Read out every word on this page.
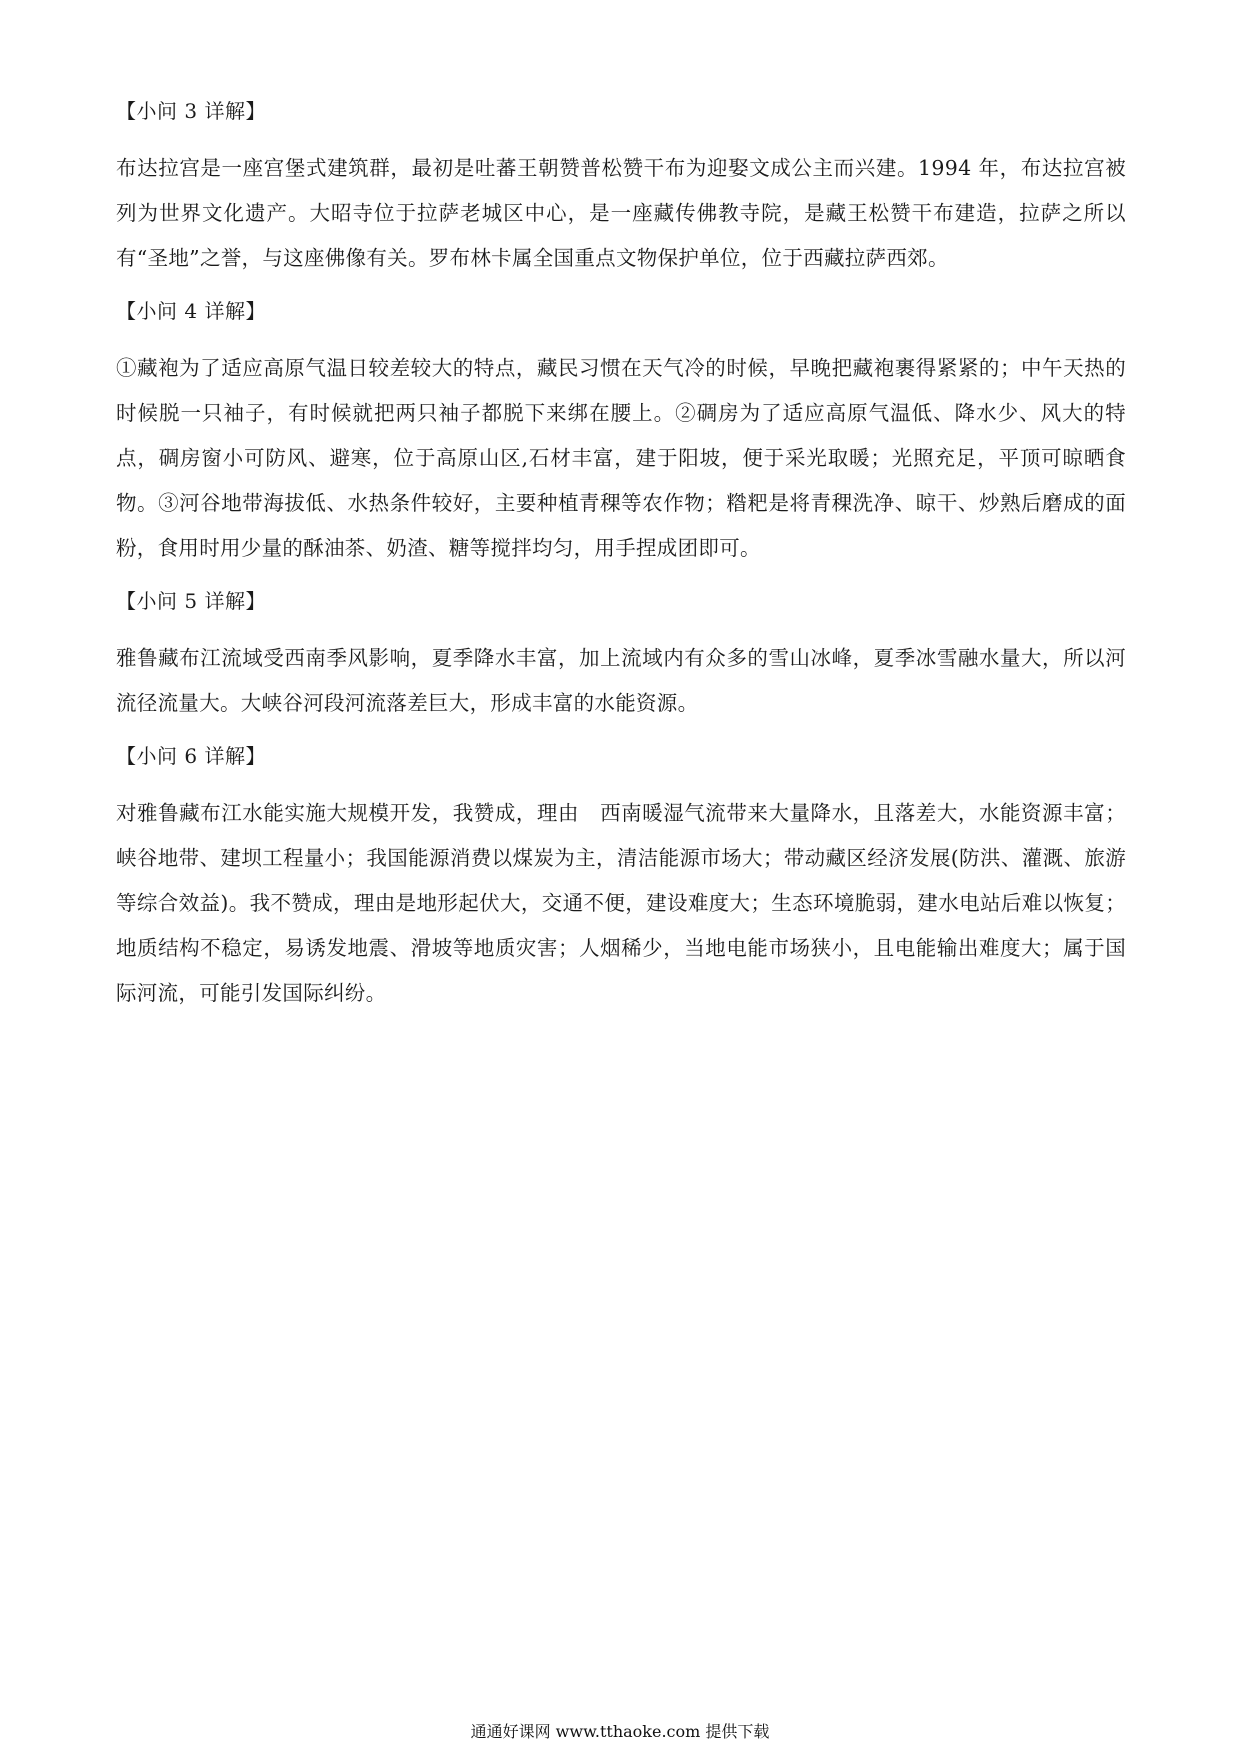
【小问 3 详解】

布达拉宫是一座宫堡式建筑群，最初是吐蕃王朝赞普松赞干布为迎娶文成公主而兴建。1994 年，布达拉宫被列为世界文化遗产。大昭寺位于拉萨老城区中心，是一座藏传佛教寺院，是藏王松赞干布建造，拉萨之所以有“圣地”之誉，与这座佛像有关。罗布林卡属全国重点文物保护单位，位于西藏拉萨西郊。

【小问 4 详解】

①藏袍为了适应高原气温日较差较大的特点，藏民习惯在天气冷的时候，早晚把藏袍裹得紧紧的；中午天热的时候脱一只袖子，有时候就把两只袖子都脱下来绑在腰上。②碉房为了适应高原气温低、降水少、风大的特点，碉房窗小可防风、避寒，位于高原山区,石材丰富，建于阳坡，便于采光取暖；光照充足，平顶可晾晒食物。③河谷地带海拔低、水热条件较好，主要种植青稞等农作物；糌粑是将青稞洗净、晾干、炒熟后磨成的面粉，食用时用少量的酥油茶、奶渣、糖等搅拌均匀，用手捏成团即可。

【小问 5 详解】

雅鲁藏布江流域受西南季风影响，夏季降水丰富，加上流域内有众多的雪山冰峰，夏季冰雪融水量大，所以河流径流量大。大峡谷河段河流落差巨大，形成丰富的水能资源。

【小问 6 详解】

对雅鲁藏布江水能实施大规模开发，我赞成，理由　西南暖湿气流带来大量降水，且落差大，水能资源丰富；峡谷地带、建坝工程量小；我国能源消费以煤炭为主，清洁能源市场大；带动藏区经济发展(防洪、灌溉、旅游等综合效益)。我不赞成，理由是地形起伏大，交通不便，建设难度大；生态环境脆弱，建水电站后难以恢复；地质结构不稳定，易诱发地震、滑坡等地质灾害；人烟稀少，当地电能市场狭小，且电能输出难度大；属于国际河流，可能引发国际纠纷。

通通好课网 www.tthaoke.com 提供下载
